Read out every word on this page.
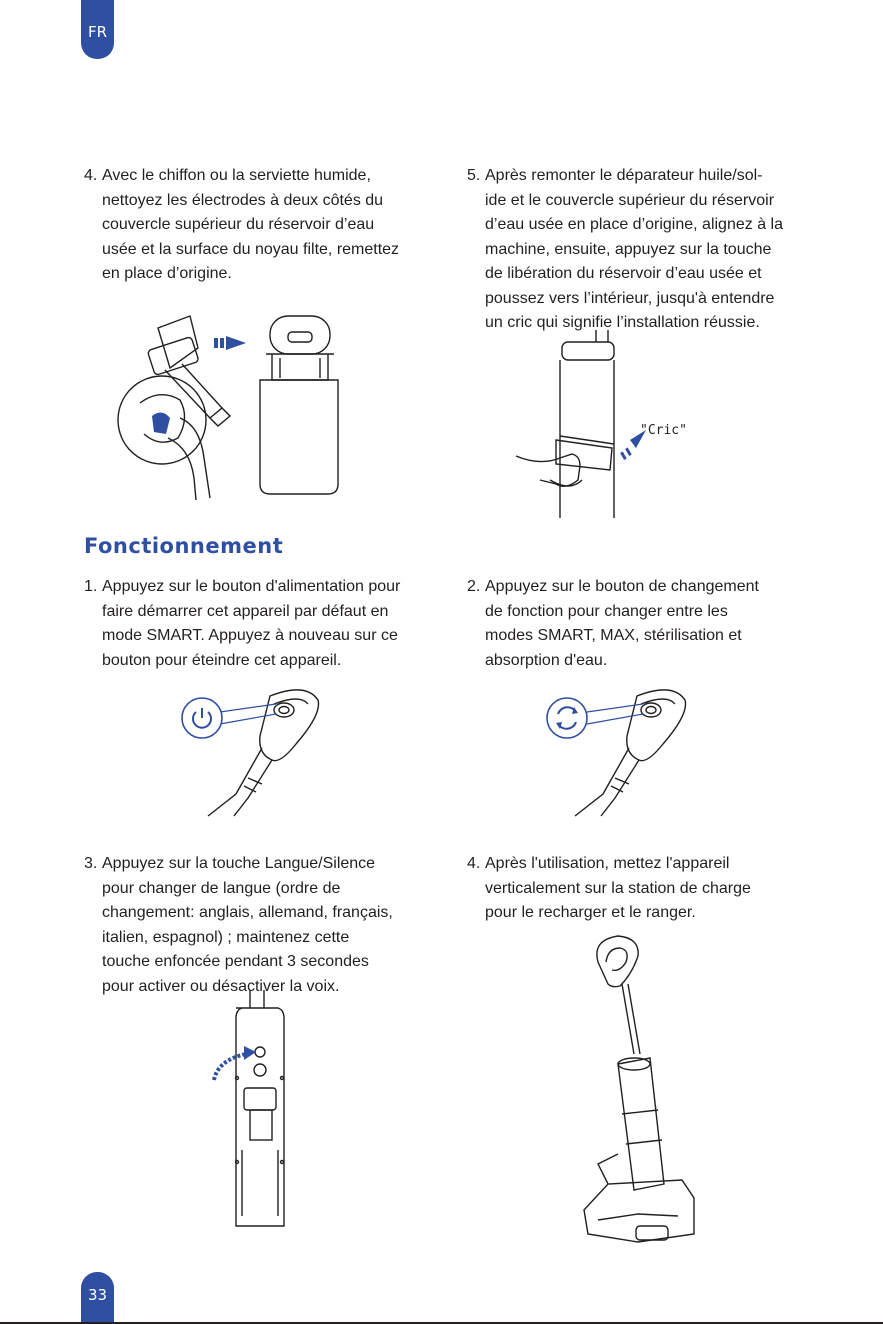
FR
33
4. Avec le chiffon ou la serviette humide,
nettoyez les électrodes à deux côtés du
couvercle supérieur du réservoir d’eau
usée et la surface du noyau filte, remettez
en place d’origine.
5. Après remonter le déparateur huile/sol-
ide et le couvercle supérieur du réservoir
d’eau usée en place d’origine, alignez à la
machine, ensuite, appuyez sur la touche
de libération du réservoir d’eau usée et
poussez vers l’intérieur, jusqu'à entendre
un cric qui signifie l’installation réussie.
"Cric"
Fonctionnement
1. Appuyez sur le bouton d'alimentation pour
faire démarrer cet appareil par défaut en
mode SMART. Appuyez à nouveau sur ce
bouton pour éteindre cet appareil.
2. Appuyez sur le bouton de changement
de fonction pour changer entre les
modes SMART, MAX, stérilisation et
absorption d'eau.
3. Appuyez sur la touche Langue/Silence
pour changer de langue (ordre de
changement: anglais, allemand, français,
italien, espagnol) ; maintenez cette
touche enfoncée pendant 3 secondes
pour activer ou désactiver la voix.
4. Après l'utilisation, mettez l'appareil
verticalement sur la station de charge
pour le recharger et le ranger.
